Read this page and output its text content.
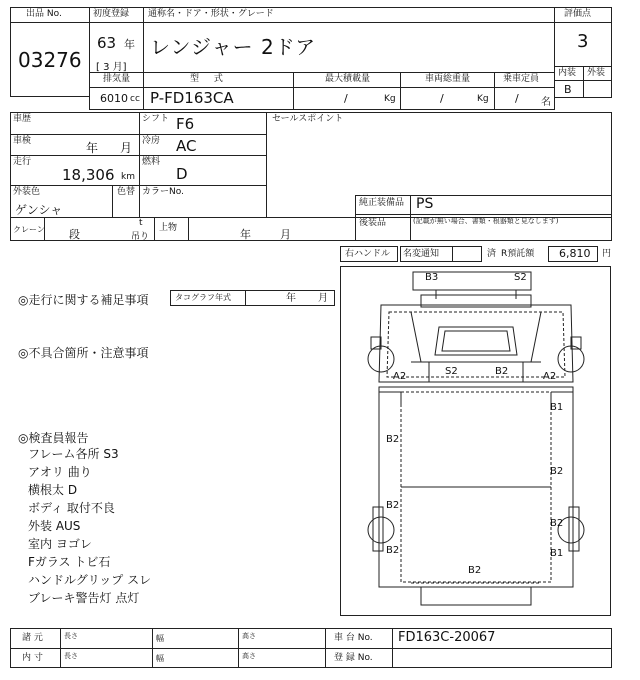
出品 No.
03276
初度登録 通称名・ドア・形状・グレード
63 年
[ 3 月]
レンジャー 2ドア
評価点
3
内装 外装
B
排気量	型 式	最大積載量	車両総重量	乗車定員
6010 cc P-FD163CA	/	Kg	/	Kg / 名
車歴	シフト F6
車検	年 月 冷房 AC
走行
18,306 km
燃料
D
外装色
ゲンシャ
色替 カラーNo.
セールスポイント
純正装備品 PS
後装品	(記載が無い場合、書類・根器類と見なします)
クレーン 段
t
吊り
上物	年	月
右ハンドル 名変通知	済 R預託額 6,810 円
◎走行に関する補足事項	タコグラフ年式	年 月
◎不具合箇所・注意事項
◎検査員報告
フレーム各所 S3
アオリ 曲り
横根太 D
ボディ 取付不良
外装 AUS
室内 ヨゴレ
Fガラス トビ石
ハンドルグリップ スレ
ブレーキ警告灯 点灯
B3	S2
A2	S2	B2	A2
B1
B2
B2
B2
B2
B2
B1
B2
諸 元
内 寸
長さ
長さ
幅
幅
高さ
高さ
車 台 No. FD163C-20067
登 録 No.
